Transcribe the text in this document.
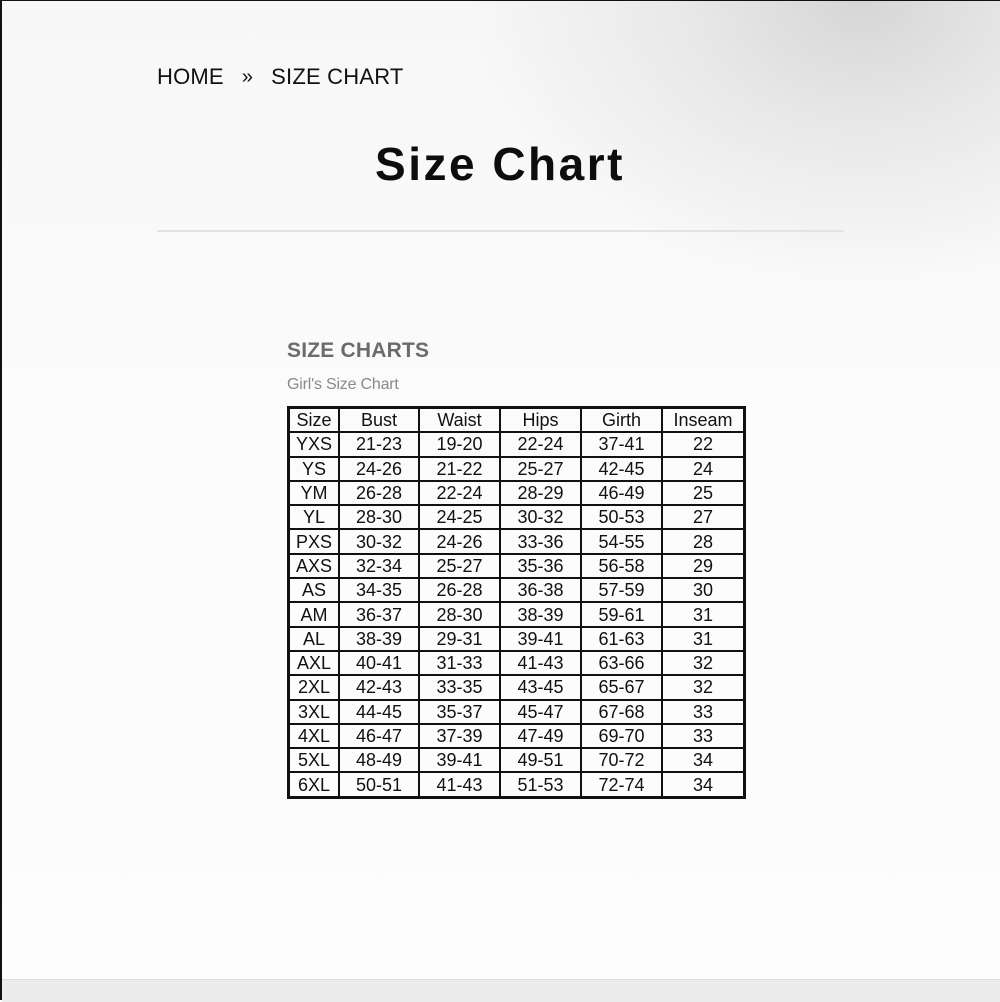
HOME » SIZE CHART
Size Chart
SIZE CHARTS
Girl's Size Chart
Size	Bust	Waist	Hips	Girth	Inseam
YXS	21-23	19-20	22-24	37-41	22
YS	24-26	21-22	25-27	42-45	24
YM	26-28	22-24	28-29	46-49	25
YL	28-30	24-25	30-32	50-53	27
PXS	30-32	24-26	33-36	54-55	28
AXS	32-34	25-27	35-36	56-58	29
AS	34-35	26-28	36-38	57-59	30
AM	36-37	28-30	38-39	59-61	31
AL	38-39	29-31	39-41	61-63	31
AXL	40-41	31-33	41-43	63-66	32
2XL	42-43	33-35	43-45	65-67	32
3XL	44-45	35-37	45-47	67-68	33
4XL	46-47	37-39	47-49	69-70	33
5XL	48-49	39-41	49-51	70-72	34
6XL	50-51	41-43	51-53	72-74	34
